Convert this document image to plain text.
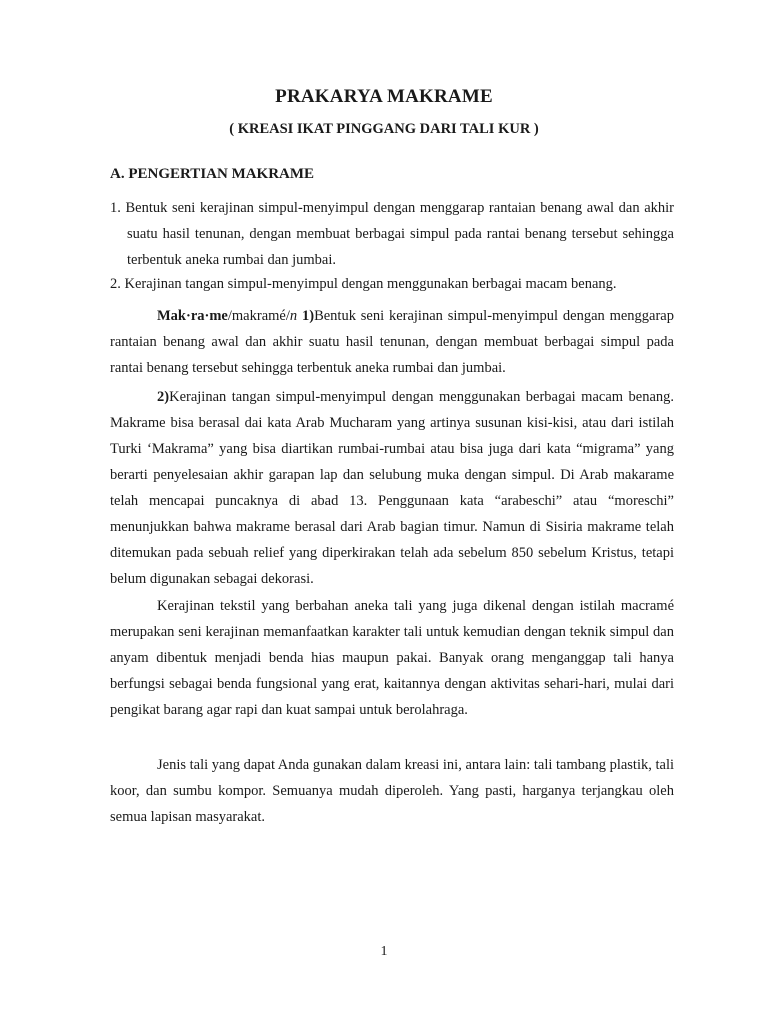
PRAKARYA MAKRAME
( KREASI IKAT PINGGANG DARI TALI KUR )
A. PENGERTIAN MAKRAME

1. Bentuk seni kerajinan simpul-menyimpul dengan menggarap rantaian benang awal dan akhir suatu hasil tenunan, dengan membuat berbagai simpul pada rantai benang tersebut sehingga terbentuk aneka rumbai dan jumbai.

2. Kerajinan tangan simpul-menyimpul dengan menggunakan berbagai macam benang.

Mak·ra·me/makramé/n 1)Bentuk seni kerajinan simpul-menyimpul dengan menggarap rantaian benang awal dan akhir suatu hasil tenunan, dengan membuat berbagai simpul pada rantai benang tersebut sehingga terbentuk aneka rumbai dan jumbai.

2)Kerajinan tangan simpul-menyimpul dengan menggunakan berbagai macam benang. Makrame bisa berasal dai kata Arab Mucharam yang artinya susunan kisi-kisi, atau dari istilah Turki ‘Makrama” yang bisa diartikan rumbai-rumbai atau bisa juga dari kata “migrama” yang berarti penyelesaian akhir garapan lap dan selubung muka dengan simpul. Di Arab makarame telah mencapai puncaknya di abad 13. Penggunaan kata “arabeschi” atau “moreschi” menunjukkan bahwa makrame berasal dari Arab bagian timur. Namun di Sisiria makrame telah ditemukan pada sebuah relief yang diperkirakan telah ada sebelum 850 sebelum Kristus, tetapi belum digunakan sebagai dekorasi.

Kerajinan tekstil yang berbahan aneka tali yang juga dikenal dengan istilah macramé merupakan seni kerajinan memanfaatkan karakter tali untuk kemudian dengan teknik simpul dan anyam dibentuk menjadi benda hias maupun pakai. Banyak orang menganggap tali hanya berfungsi sebagai benda fungsional yang erat, kaitannya dengan aktivitas sehari-hari, mulai dari pengikat barang agar rapi dan kuat sampai untuk berolahraga.

Jenis tali yang dapat Anda gunakan dalam kreasi ini, antara lain: tali tambang plastik, tali koor, dan sumbu kompor. Semuanya mudah diperoleh. Yang pasti, harganya terjangkau oleh semua lapisan masyarakat.

1
